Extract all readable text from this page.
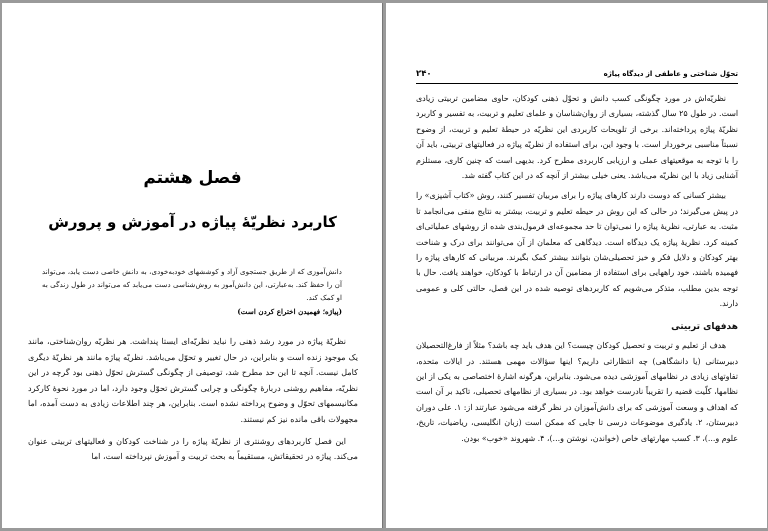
فصل هشتم
کاربرد نظریّهٔ پیاژه در آموزش و پرورش
دانش‌آموزی که از طریق جستجوی آزاد و کوششهای خودبه‌خودی، به دانش خاصی دست یابد، می‌تواند آن را حفظ کند. به‌عبارتی، این دانش‌آموز به روش‌شناسی دست می‌یابد که می‌تواند در طول زندگی به او کمک کند.
(پیاژه؛ فهمیدن اختراع کردن است)

نظریّهٔ پیاژه در مورد رشد ذهنی را نباید نظریّه‌ای ایستا پنداشت. هر نظریّه روان‌شناختی، مانند یک موجود زنده است و بنابراین، در حال تغییر و تحوّل می‌باشد. نظریّه پیاژه مانند هر نظریّهٔ دیگری کامل نیست. آنچه تا این حد مطرح شد، توصیفی از چگونگی گسترش تحوّل ذهنی بود گرچه در این نظریّه، مفاهیم روشنی دربارهٔ چگونگی و چرایی گسترش تحوّل وجود دارد، اما در مورد نحوهٔ کارکرد مکانیسمهای تحوّل و وضوح پرداخته نشده است. بنابراین، هر چند اطلاعات زیادی به دست آمده، اما مجهولات باقی مانده نیز کم نیستند.

این فصل کاربردهای روشنتری از نظریّهٔ پیاژه را در شناخت کودکان و فعالیتهای تربیتی عنوان می‌کند. پیاژه در تحقیقاتش، مستقیماً به بحث تربیت و آموزش نپرداخته است، اما

۲۴۰	تحوّل شناختی و عاطفی از دیدگاه پیاژه

نظریّه‌اش در مورد چگونگی کسب دانش و تحوّل ذهنی کودکان، حاوی مضامین تربیتی زیادی است. در طول ۲۵ سال گذشته، بسیاری از روان‌شناسان و علمای تعلیم و تربیت، به تفسیر و کاربرد نظریّهٔ پیاژه پرداخته‌اند. برخی از تلویحات کاربردی این نظریّه در حیطهٔ تعلیم و تربیت، از وضوح نسبتاً مناسبی برخوردار است. با وجود این، برای استفاده از نظریّه پیاژه در فعالیتهای تربیتی، باید آن را با توجه به موقعیتهای عملی و ارزیابی کاربردی مطرح کرد. بدیهی است که چنین کاری، مستلزم آشنایی زیاد با این نظریّه می‌باشد. یعنی خیلی بیشتر از آنچه که در این کتاب گفته شد.

بیشتر کسانی که دوست دارند کارهای پیاژه را برای مربیان تفسیر کنند، روش «کتاب آشپزی» را در پیش می‌گیرند؛ در حالی که این روش در حیطه تعلیم و تربیت، بیشتر به نتایج منفی می‌انجامد تا مثبت. به عبارتی، نظریهٔ پیاژه را نمی‌توان تا حد مجموعه‌ای فرمول‌بندی شده از روشهای عملیاتی‌ای کمینه کرد. نظریهٔ پیاژه یک دیدگاه است. دیدگاهی که معلمان از آن می‌توانند برای درک و شناخت بهتر کودکان و دلایل فکر و خیز تحصیلی‌شان بتوانند بیشتر کمک بگیرند. مربیانی که کارهای پیاژه را فهمیده باشند، خود راههایی برای استفاده از مضامین آن در ارتباط با کودکان، خواهند یافت. حال با توجه بدین مطلب، متذکر می‌شویم که کاربردهای توصیه شده در این فصل، حالتی کلی و عمومی دارند.

هدفهای تربیتی

هدف از تعلیم و تربیت و تحصیل کودکان چیست؟ این هدف باید چه باشد؟ مثلاً از فارغ‌التحصیلان دبیرستانی (یا دانشگاهی) چه انتظاراتی داریم؟ اینها سؤالات مهمی هستند. در ایالات متحده، تفاوتهای زیادی در نظامهای آموزشی دیده می‌شود. بنابراین، هرگونه اشارهٔ اختصاصی به یکی از این نظامها، کلّیت قضیه را تقریباً نادرست خواهد بود. در بسیاری از نظامهای تحصیلی، تاکید بر آن است که اهداف و وسعت آموزشی که برای دانش‌آموزان در نظر گرفته می‌شود عبارتند از: ۱. علی دوران دبیرستان، ۲. یادگیری موضوعات درسی تا جایی که ممکن است (زبان انگلیسی، ریاضیات، تاریخ، علوم و...)، ۳. کسب مهارتهای خاص (خواندن، نوشتن و...)، ۴. شهروند «خوب» بودن.
